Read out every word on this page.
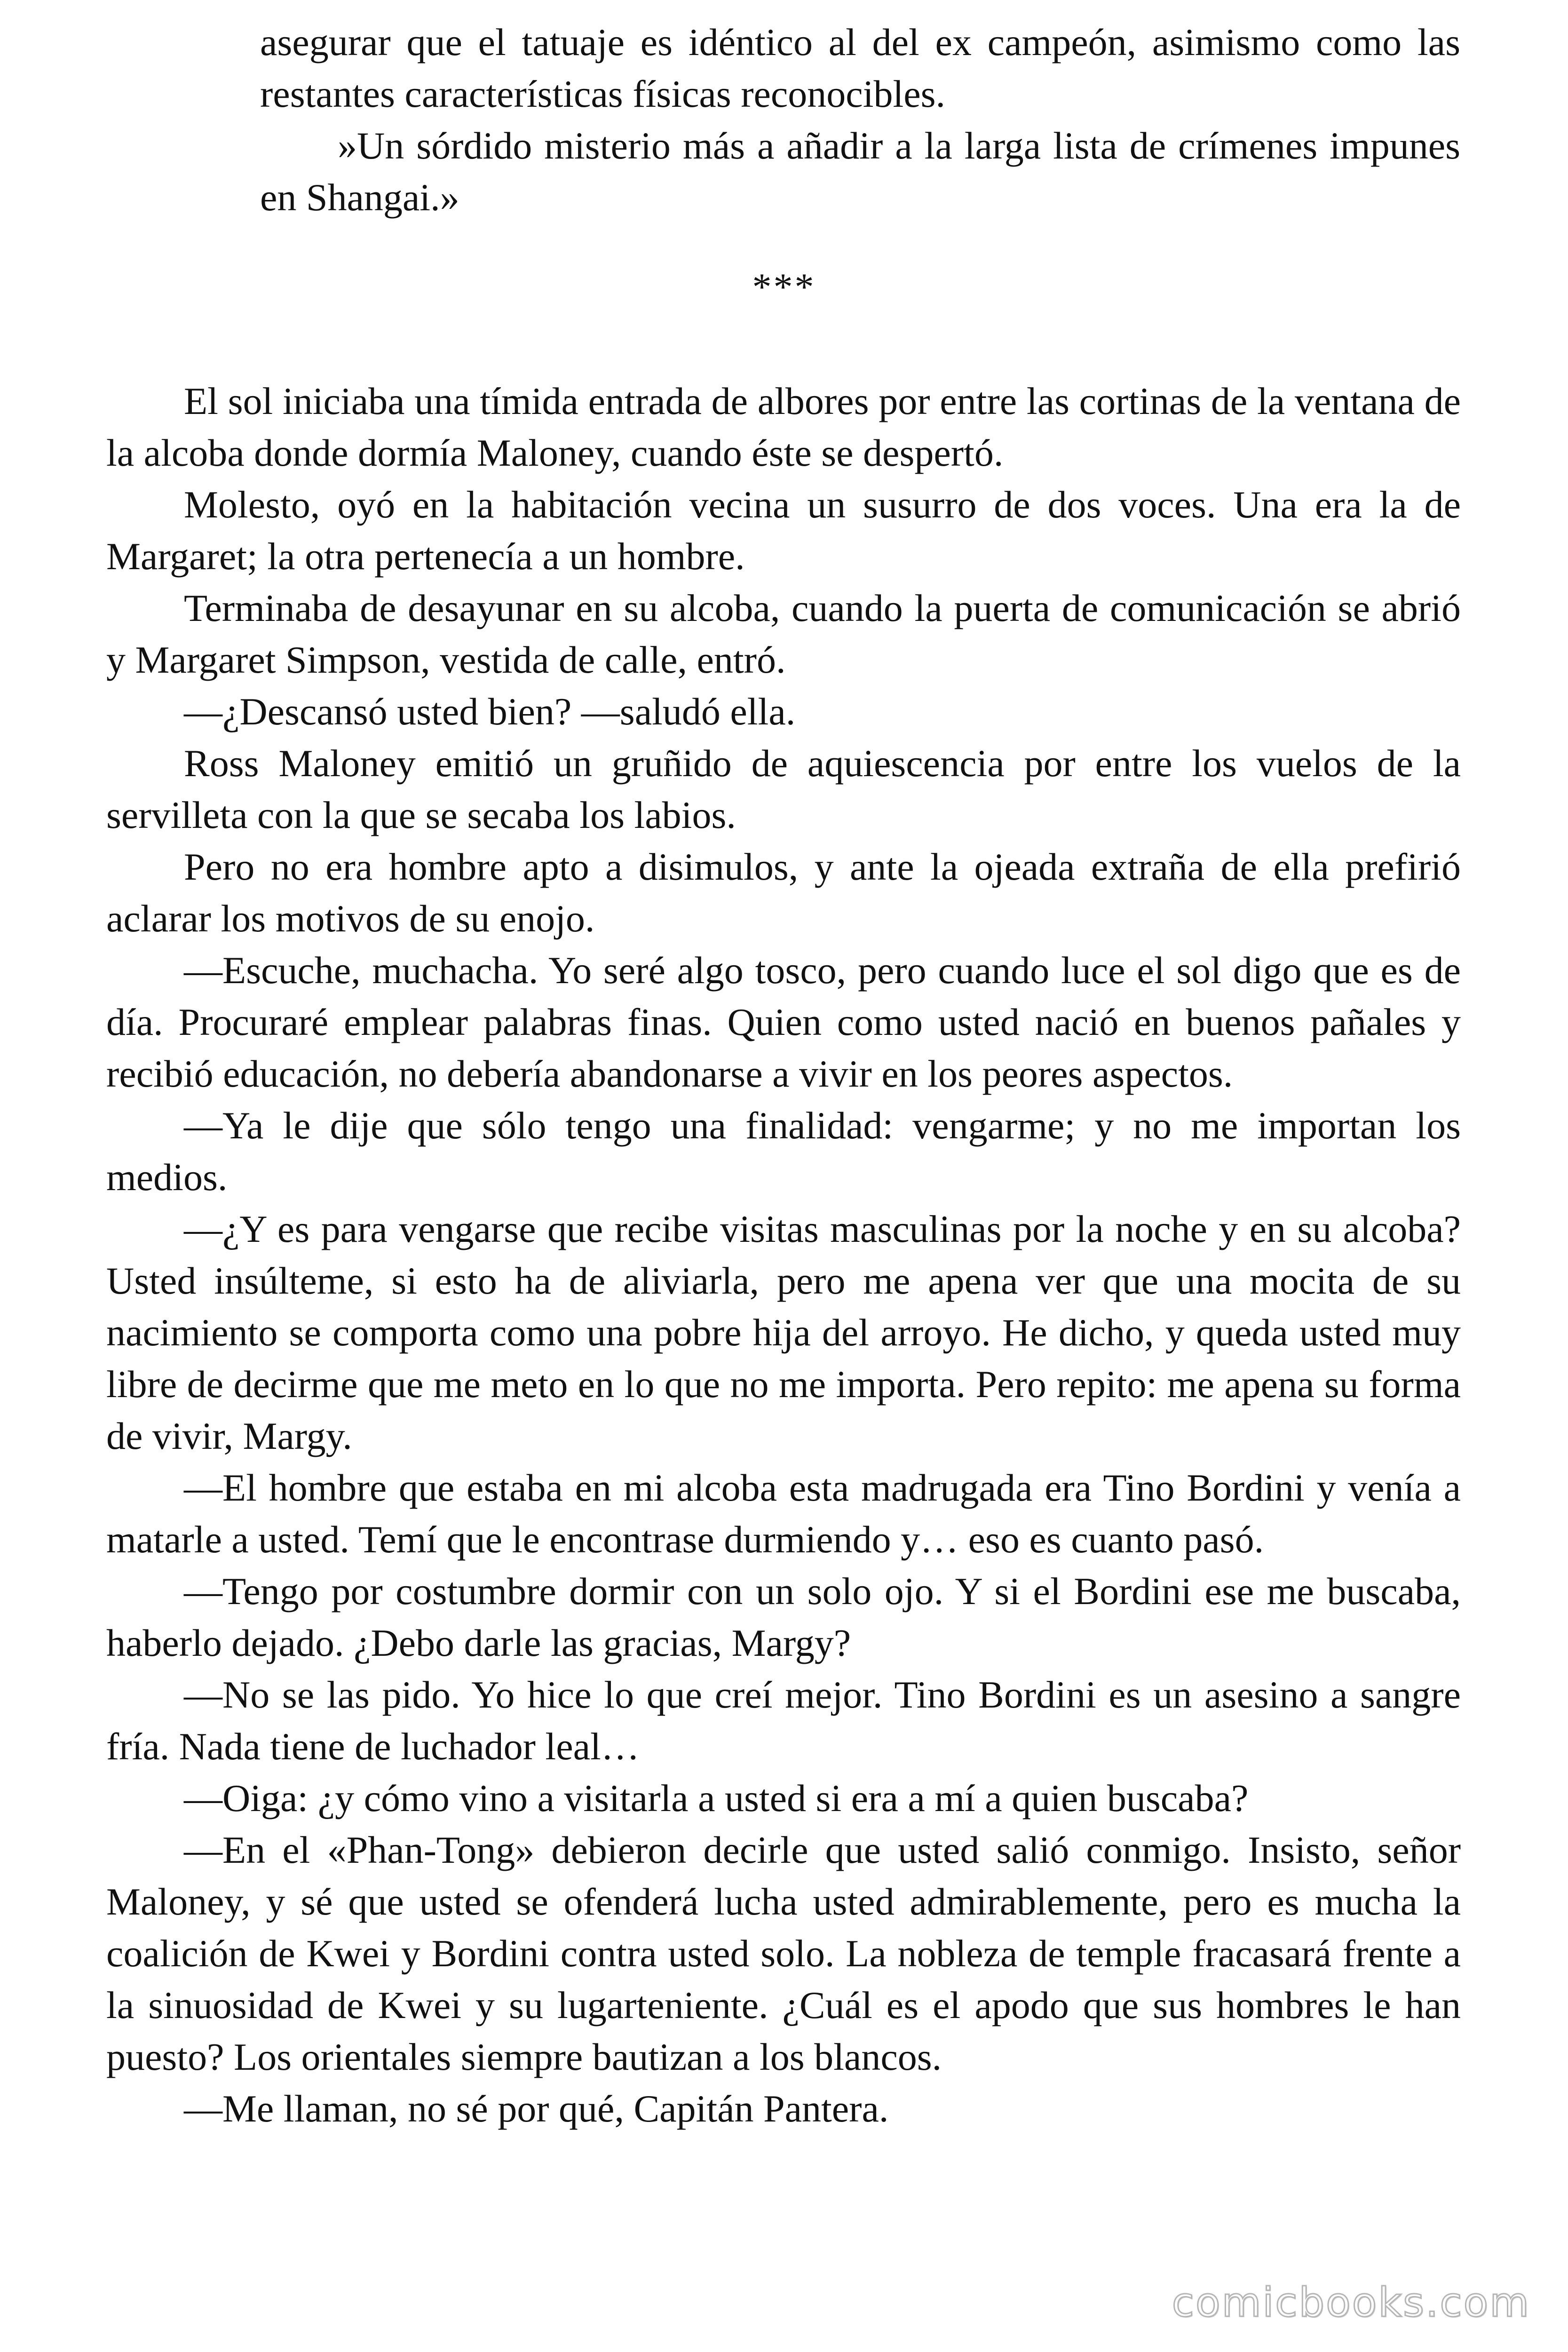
asegurar que el tatuaje es idéntico al del ex campeón, asimismo como las restantes características físicas reconocibles.

»Un sórdido misterio más a añadir a la larga lista de crímenes impunes en Shangai.»

***

El sol iniciaba una tímida entrada de albores por entre las cortinas de la ventana de la alcoba donde dormía Maloney, cuando éste se despertó.

Molesto, oyó en la habitación vecina un susurro de dos voces. Una era la de Margaret; la otra pertenecía a un hombre.

Terminaba de desayunar en su alcoba, cuando la puerta de comunicación se abrió y Margaret Simpson, vestida de calle, entró.

—¿Descansó usted bien? —saludó ella.

Ross Maloney emitió un gruñido de aquiescencia por entre los vuelos de la servilleta con la que se secaba los labios.

Pero no era hombre apto a disimulos, y ante la ojeada extraña de ella prefirió aclarar los motivos de su enojo.

—Escuche, muchacha. Yo seré algo tosco, pero cuando luce el sol digo que es de día. Procuraré emplear palabras finas. Quien como usted nació en buenos pañales y recibió educación, no debería abandonarse a vivir en los peores aspectos.

—Ya le dije que sólo tengo una finalidad: vengarme; y no me importan los medios.

—¿Y es para vengarse que recibe visitas masculinas por la noche y en su alcoba? Usted insúlteme, si esto ha de aliviarla, pero me apena ver que una mocita de su nacimiento se comporta como una pobre hija del arroyo. He dicho, y queda usted muy libre de decirme que me meto en lo que no me importa. Pero repito: me apena su forma de vivir, Margy.

—El hombre que estaba en mi alcoba esta madrugada era Tino Bordini y venía a matarle a usted. Temí que le encontrase durmiendo y… eso es cuanto pasó.

—Tengo por costumbre dormir con un solo ojo. Y si el Bordini ese me buscaba, haberlo dejado. ¿Debo darle las gracias, Margy?

—No se las pido. Yo hice lo que creí mejor. Tino Bordini es un asesino a sangre fría. Nada tiene de luchador leal…

—Oiga: ¿y cómo vino a visitarla a usted si era a mí a quien buscaba?

—En el «Phan-Tong» debieron decirle que usted salió conmigo. Insisto, señor Maloney, y sé que usted se ofenderá lucha usted admirablemente, pero es mucha la coalición de Kwei y Bordini contra usted solo. La nobleza de temple fracasará frente a la sinuosidad de Kwei y su lugarteniente. ¿Cuál es el apodo que sus hombres le han puesto? Los orientales siempre bautizan a los blancos.

—Me llaman, no sé por qué, Capitán Pantera.

comicbooks.com
